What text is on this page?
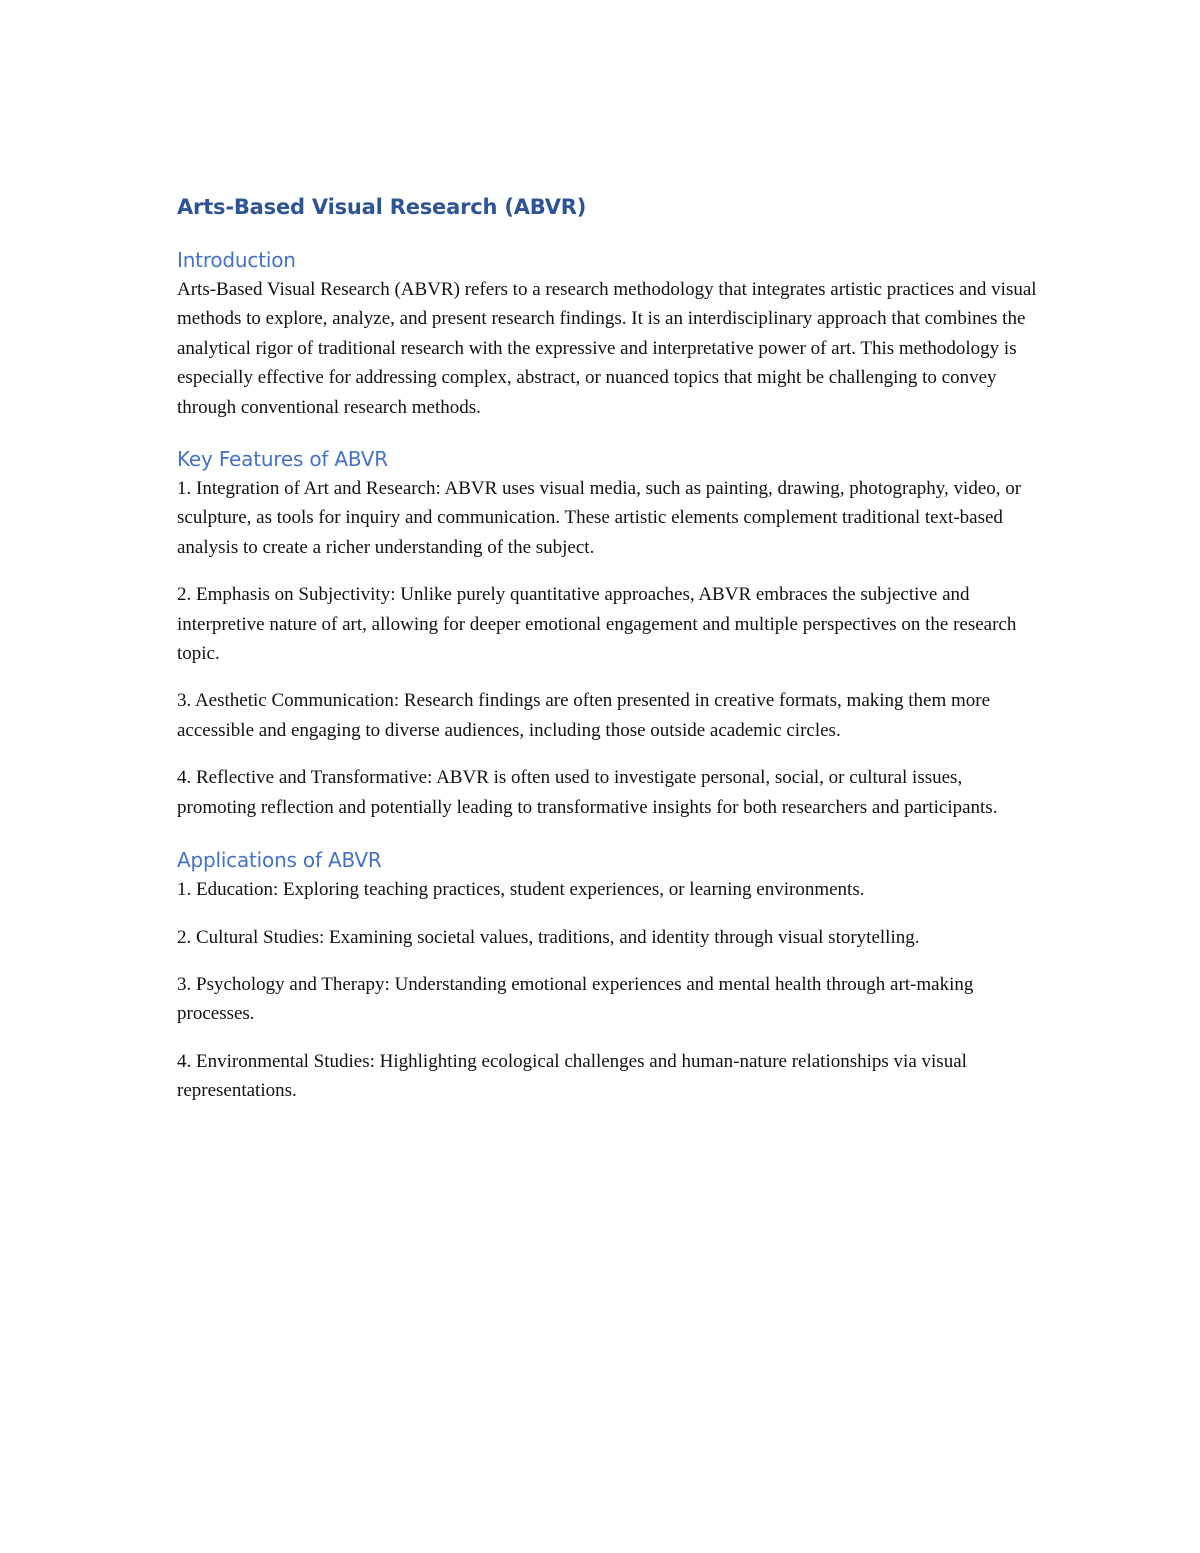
Arts-Based Visual Research (ABVR)
Introduction

Arts-Based Visual Research (ABVR) refers to a research methodology that integrates artistic practices and visual methods to explore, analyze, and present research findings. It is an interdisciplinary approach that combines the analytical rigor of traditional research with the expressive and interpretative power of art. This methodology is especially effective for addressing complex, abstract, or nuanced topics that might be challenging to convey through conventional research methods.

Key Features of ABVR

1. Integration of Art and Research: ABVR uses visual media, such as painting, drawing, photography, video, or sculpture, as tools for inquiry and communication. These artistic elements complement traditional text-based analysis to create a richer understanding of the subject.

2. Emphasis on Subjectivity: Unlike purely quantitative approaches, ABVR embraces the subjective and interpretive nature of art, allowing for deeper emotional engagement and multiple perspectives on the research topic.

3. Aesthetic Communication: Research findings are often presented in creative formats, making them more accessible and engaging to diverse audiences, including those outside academic circles.

4. Reflective and Transformative: ABVR is often used to investigate personal, social, or cultural issues, promoting reflection and potentially leading to transformative insights for both researchers and participants.

Applications of ABVR

1. Education: Exploring teaching practices, student experiences, or learning environments.

2. Cultural Studies: Examining societal values, traditions, and identity through visual storytelling.

3. Psychology and Therapy: Understanding emotional experiences and mental health through art-making processes.

4. Environmental Studies: Highlighting ecological challenges and human-nature relationships via visual representations.
